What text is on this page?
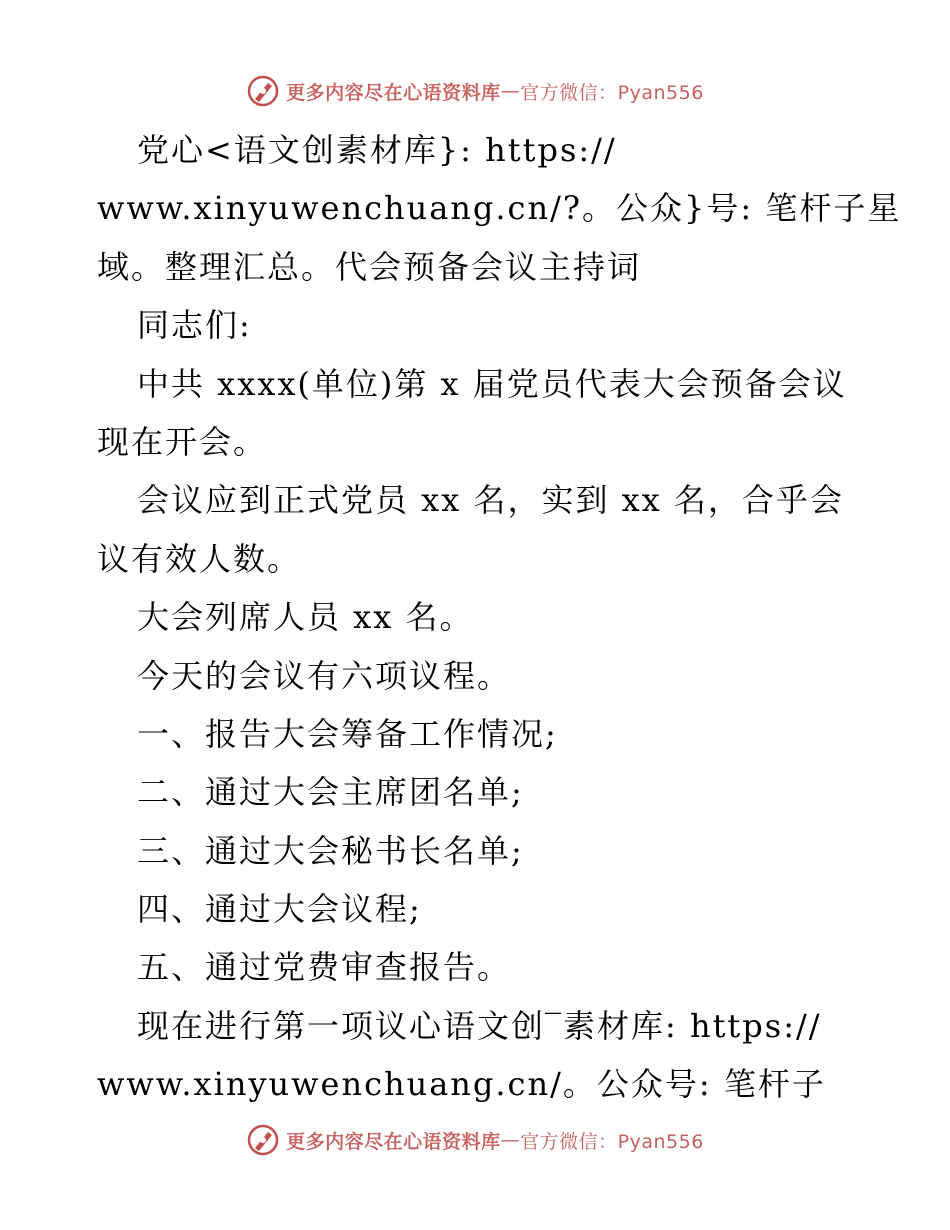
更多内容尽在心语资料库 — 官方微信：Pyan556
党心<语文创素材库}: https://
www.xinyuwenchuang.cn/?。公众}号: 笔杆子星
域。整理汇总。代会预备会议主持词
同志们:
中共 xxxx(单位)第 x 届党员代表大会预备会议
现在开会。
会议应到正式党员 xx 名，实到 xx 名，合乎会
议有效人数。
大会列席人员 xx 名。
今天的会议有六项议程。
一、报告大会筹备工作情况;
二、通过大会主席团名单;
三、通过大会秘书长名单;
四、通过大会议程;
五、通过党费审查报告。
现在进行第一项议心语文创‾素材库: https://
www.xinyuwenchuang.cn/。公众号: 笔杆子
更多内容尽在心语资料库 — 官方微信：Pyan556
